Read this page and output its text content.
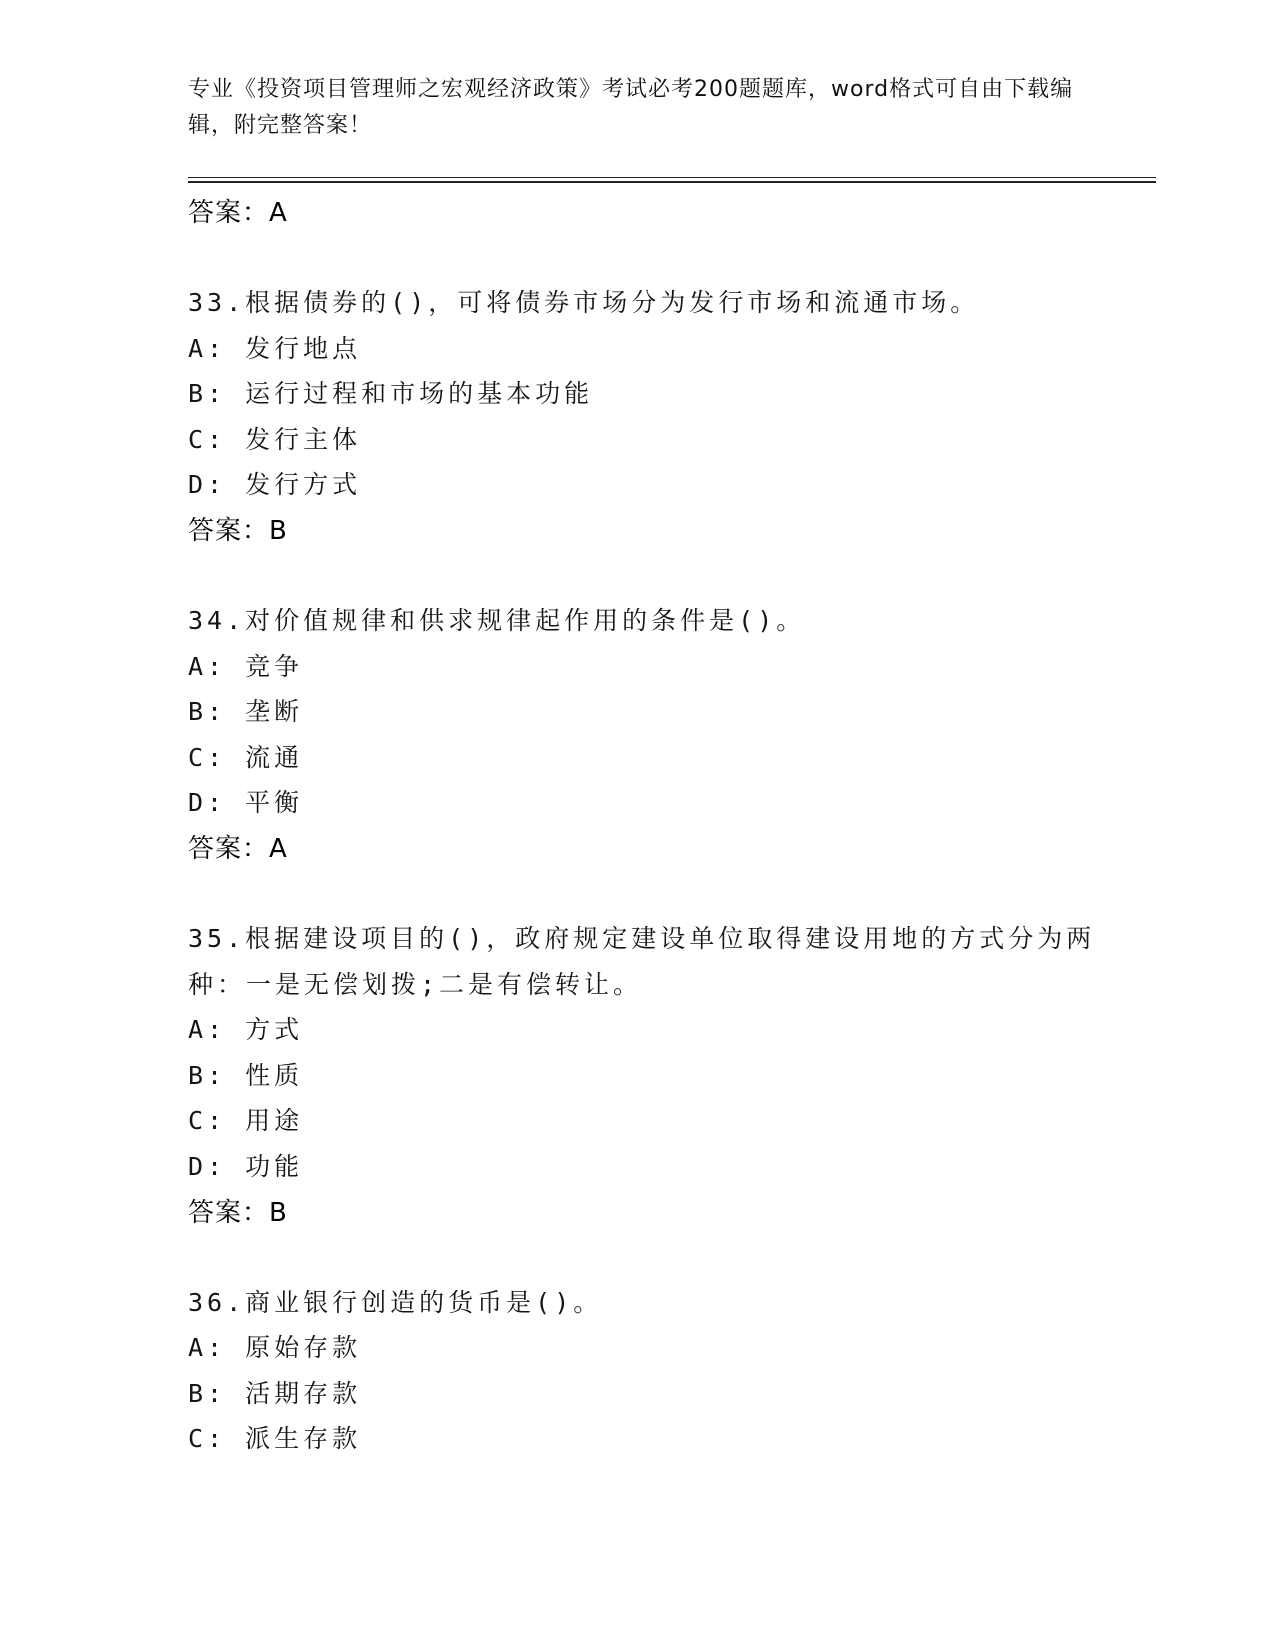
专业《投资项目管理师之宏观经济政策》考试必考200题题库，word格式可自由下载编辑，附完整答案！
答案：A
33.根据债券的()，可将债券市场分为发行市场和流通市场。
A: 发行地点
B: 运行过程和市场的基本功能
C: 发行主体
D: 发行方式
答案：B
34.对价值规律和供求规律起作用的条件是()。
A: 竞争
B: 垄断
C: 流通
D: 平衡
答案：A
35.根据建设项目的()，政府规定建设单位取得建设用地的方式分为两
种：一是无偿划拨;二是有偿转让。
A: 方式
B: 性质
C: 用途
D: 功能
答案：B
36.商业银行创造的货币是()。
A: 原始存款
B: 活期存款
C: 派生存款
